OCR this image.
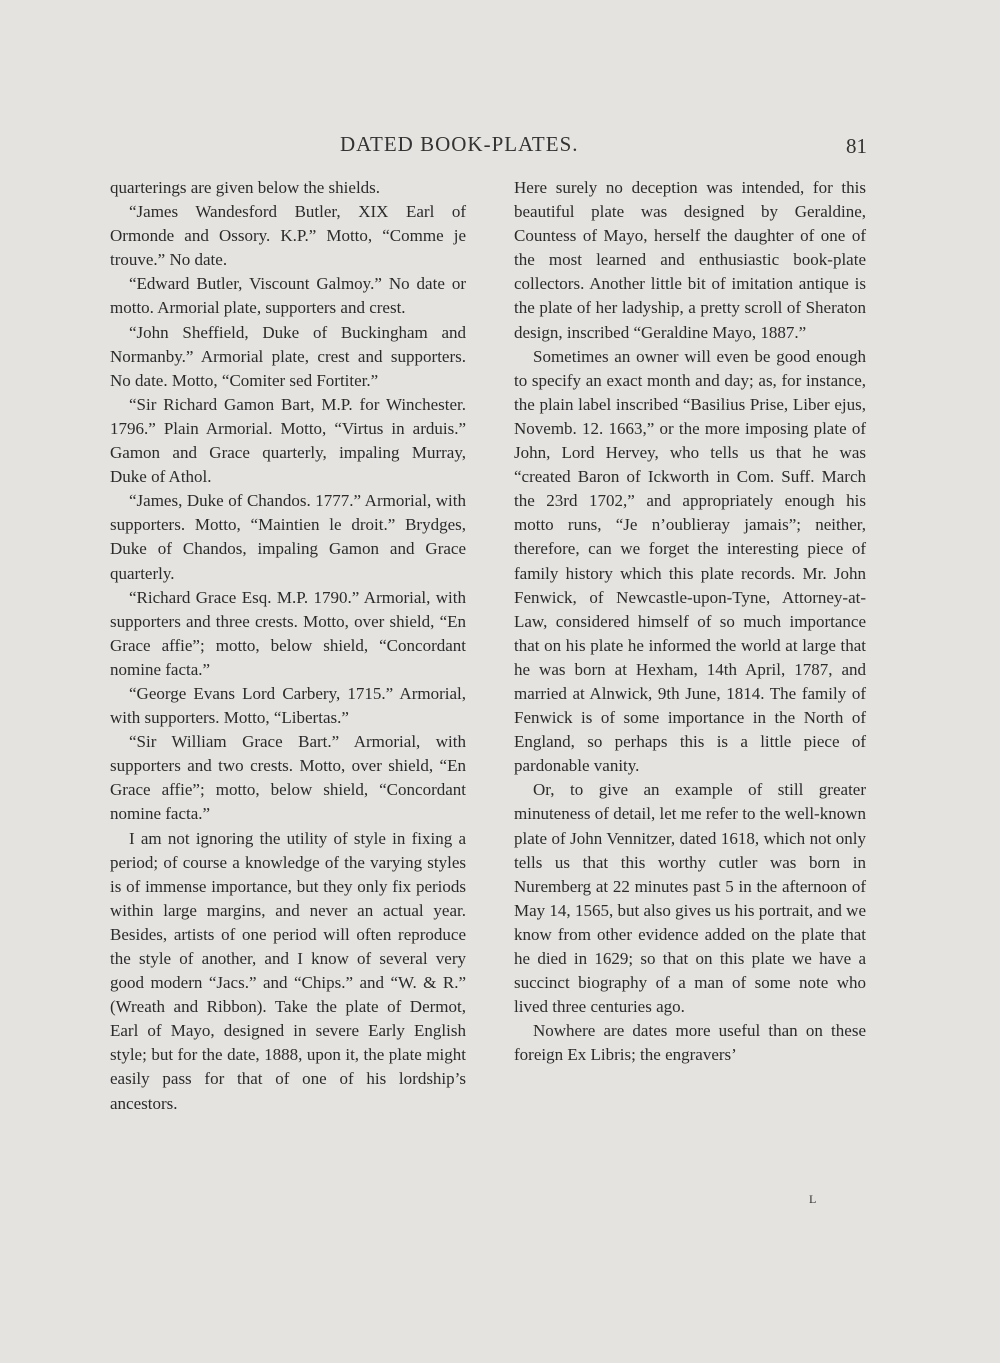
DATED BOOK-PLATES.	81

quarterings are given below the shields.

“James Wandesford Butler, XIX Earl of Ormonde and Ossory. K.P.” Motto, “Comme je trouve.” No date.

“Edward Butler, Viscount Galmoy.” No date or motto. Armorial plate, supporters and crest.

“John Sheffield, Duke of Buckingham and Normanby.” Armorial plate, crest and supporters. No date. Motto, “Comiter sed Fortiter.”

“Sir Richard Gamon Bart, M.P. for Winchester. 1796.” Plain Armorial. Motto, “Virtus in arduis.” Gamon and Grace quarterly, impaling Murray, Duke of Athol.

“James, Duke of Chandos. 1777.” Armorial, with supporters. Motto, “Maintien le droit.” Brydges, Duke of Chandos, impaling Gamon and Grace quarterly.

“Richard Grace Esq. M.P. 1790.” Armorial, with supporters and three crests. Motto, over shield, “En Grace affie”; motto, below shield, “Concordant nomine facta.”

“George Evans Lord Carbery, 1715.” Armorial, with supporters. Motto, “Libertas.”

“Sir William Grace Bart.” Armorial, with supporters and two crests. Motto, over shield, “En Grace affie”; motto, below shield, “Concordant nomine facta.”

I am not ignoring the utility of style in fixing a period; of course a knowledge of the varying styles is of immense importance, but they only fix periods within large margins, and never an actual year. Besides, artists of one period will often reproduce the style of another, and I know of several very good modern “Jacs.” and “Chips.” and “W. & R.” (Wreath and Ribbon). Take the plate of Dermot, Earl of Mayo, designed in severe Early English style; but for the date, 1888, upon it, the plate might easily pass for that of one of his lordship’s ancestors.

Here surely no deception was intended, for this beautiful plate was designed by Geraldine, Countess of Mayo, herself the daughter of one of the most learned and enthusiastic book-plate collectors. Another little bit of imitation antique is the plate of her ladyship, a pretty scroll of Sheraton design, inscribed “Geraldine Mayo, 1887.”

Sometimes an owner will even be good enough to specify an exact month and day; as, for instance, the plain label inscribed “Basilius Prise, Liber ejus, Novemb. 12. 1663,” or the more imposing plate of John, Lord Hervey, who tells us that he was “created Baron of Ickworth in Com. Suff. March the 23rd 1702,” and appropriately enough his motto runs, “Je n’oublieray jamais”; neither, therefore, can we forget the interesting piece of family history which this plate records. Mr. John Fenwick, of Newcastle-upon-Tyne, Attorney-at-Law, considered himself of so much importance that on his plate he informed the world at large that he was born at Hexham, 14th April, 1787, and married at Alnwick, 9th June, 1814. The family of Fenwick is of some importance in the North of England, so perhaps this is a little piece of pardonable vanity.

Or, to give an example of still greater minuteness of detail, let me refer to the well-known plate of John Vennitzer, dated 1618, which not only tells us that this worthy cutler was born in Nuremberg at 22 minutes past 5 in the afternoon of May 14, 1565, but also gives us his portrait, and we know from other evidence added on the plate that he died in 1629; so that on this plate we have a succinct biography of a man of some note who lived three centuries ago.

Nowhere are dates more useful than on these foreign Ex Libris; the engravers’

L
